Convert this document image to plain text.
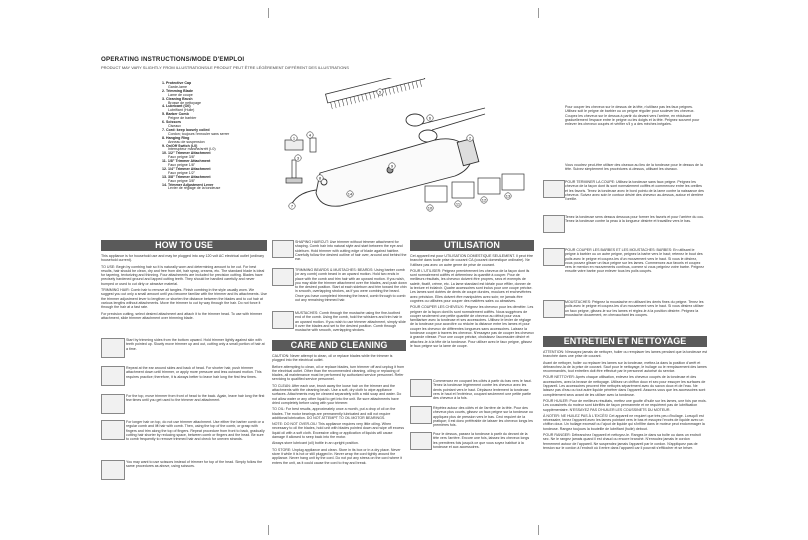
OPERATING INSTRUCTIONS/MODE D'EMPLOI
PRODUCT MAY VARY SLIGHTLY FROM ILLUSTRATIONS/LE PRODUIT PEUT ÊTRE LÉGÈREMENT DIFFÉRENT DES ILLUSTRATIONS
1. Protective Cap
Garde-lame
2. Trimming Blade
Lame de coupe
3. Cleaning Brush
Brosse de nettoyage
4. Lubricant (Oil)
Lubrifiant (Huile)
5. Barber Comb
Peigne de barbier
6. Scissors
Ciseaux
7. Cord: keep loosely coiled
Cordon; toujours l'enrouler sans serrer
8. Hanging Ring
Anneau de suspension
9. On/Off Switch (I-0)
Interrupteur marche/arrêt (I-0)
10. 1/2" Trimmer Attachment
Faux peigne 3/8"
11. 1/8" Trimmer Attachment
Faux peigne 1/8"
12. 1/4" Trimmer Attachment
Faux peigne 1/2"
13. 3/8" Trimmer Attachment
Faux peigne 3/8"
14. Trimmer Adjustment Lever
Levier de réglage de la tondeuse
1	2
3
4
5
6
7
8
9
10
11
12
13
14
HOW TO USE

This appliance is for household use and may be plugged into any 120 volt AC electrical outlet (ordinary household current).

TO USE: Begin by combing hair so it is naturally worn and determining amount to be cut. For best results, hair should be clean, dry and free from dirt, hair spray, creams, etc. The standard blade is ideal for tapering, texturizing and thinning. Four attachments are included for precision cutting. Blades have precisely hardened ground and lapped cutting teeth. They should be handled carefully and never bumped or used to cut dirty or abrasive material.

TRIMMING HAIR: Comb hair to remove all tangles. Finish combing in the style usually worn. We suggest you cut only a small amount until you become familiar with the trimmer and its attachments. Use the trimmer adjustment lever to lengthen or shorten the distance between the blades and to cut hair at various lengths without attachments. Move the trimmer to cut by way through the hair. Do not force it through the hair at a fast rate.

For precision cutting, select desired attachment and attach it to the trimmer head. To use with trimmer attachment, slide trimmer attachment over trimming blade.

Start by trimming sides from the bottom upward. Hold trimmer lightly against skin with teeth pointed up. Slowly move trimmer up and out, cutting only a small portion of hair at a time.
Repeat at the ear around sides and back of head. For shorter hair, push trimmer attachment down until trimmer, or apply more pressure and less outward motion. This requires practice; therefore, it is always better to leave hair long the first few times.
For the top, move trimmer from front of head to the back. Again, leave hair long the first few times until you get used to the trimmer and attachment.
For longer hair on top, do not use trimmer attachment. Use either the barber comb or a regular comb and lift hair with comb. Then, using the top of the comb, or grasp with fingers and trim along the top of fingers. Repeat procedure from front to back, gradually cutting hair shorter by reducing space, between comb or fingers and the head. Be sure to comb frequently to remove trimmed hair and check for uneven strands.
You may want to use scissors instead of trimmer for top of the head. Simply follow the same procedures as above, using scissors.
SHAPING HAIRCUT: Use trimmer without trimmer attachment for shaping. Comb hair into natural style and start between the eye and sideburn. Hold trimmer with cutting edge of blade against hairline. Carefully follow the desired outline of hair over, around and behind the ear.
TRIMMING BEARDS & MUSTACHES: BEARDS: Using barber comb (or any comb) comb beard in an upward motion. Hold two ends in place with the comb and trim hair with an upward motion. If you wish, you may slide the trimmer attachment over the blades, and push down to the desired position. Start at each sideburn and trim toward the chin in smooth, overlapping strokes, as if you were combing the beard. Once you have completed trimming the beard, comb through to comb out any remaining trimmed hair.
MUSTACHES: Comb through the mustache using the fine-toothed end of the comb. Using the comb, hold the whiskers and trim hair in an upward motion. If you wish to use trimmer attachment, simply slide it over the blades and set to the desired position. Comb through mustache with smooth, overlapping strokes.
CARE AND CLEANING

CAUTION: Never attempt to clean, oil or replace blades while the trimmer is plugged into the electrical outlet.

Before attempting to clean, oil or replace blades, turn trimmer off and unplug it from the electrical outlet. Other than the recommended cleaning, oiling or replacing of blades, all maintenance must be performed by authorized service personnel. Refer servicing to qualified service personnel.

TO CLEAN: After each use, brush away the loose hair on the trimmer and the attachments with the cleaning brush. Use a soft, dry cloth to wipe appliance surfaces. Attachments may be cleaned separately with a mild soap and water. Do not allow water or any other liquid to get into the unit. Be sure attachments have dried completely before using with your trimmer.

TO OIL: For best results, approximately once a month, put a drop of oil on the blades. The motor bearings are permanently lubricated and will not require additional lubrication. DO NOT ATTEMPT TO OIL MOTOR BEARINGS.

NOTE: DO NOT OVER-OIL! This appliance requires very little oiling. When necessary to oil the blades, hold unit with blades pointed down and wipe off excess liquid oil with a soft cloth. Excessive oiling or application of liquids will cause damage if allowed to seep back into the motor.

Always store lubricant (oil) bottle in an upright position.

TO STORE: Unplug appliance and clean. Store in its box or in a dry place. Never store it while it is hot or still plugged in. Never wrap the cord tightly around the appliance. Never hang unit by the cord. Do not put any stress on the cord where it enters the unit, as it could cause the cord to fray and break.

UTILISATION

Cet appareil est pour UTILISATION DOMESTIQUE SEULEMENT. Il peut être branché dans toute prise de courant CA (courant domestique ordinaire). Ne l'utilisez pas avec un autre genre de prise de courant.

POUR L'UTILISER: Peignez premièrement les cheveux de la façon dont ils sont normalement coiffés et déterminez la quantité à couper. Pour de meilleurs résultats, les cheveux doivent être propres, secs et exempts de saleté, fixatif, crème, etc. La lame standard est idéale pour effiler, donner de la texture et éclaircir. Quatre accessoires sont inclus pour une coupe précise. Les lames sont dotées de dents de coupe durcies, moulues et enchevêtrées avec précision. Elles doivent être manipulées avec soin; ne jamais être cognées ou utilisées pour couper des matières sales ou abrasives.

POUR COUPER LES CHEVEUX: Peignez les cheveux pour les démêler. Les peigner de la façon dont ils sont normalement coiffés. Nous suggérons de couper seulement une petite quantité de cheveux au début pour vous familiariser avec la tondeuse et ses accessoires. Utilisez le levier de réglage de la tondeuse pour accroître ou réduire la distance entre les lames et pour couper les cheveux de différentes longueurs sans accessoires. Laissez la tondeuse couper à travers les cheveux. N'essayez pas de couper les cheveux à grande vitesse. Pour une coupe précise, choisissez l'accessoire désiré et attachez-le à la tête de la tondeuse. Pour utiliser avec le faux peigne, glissez le faux peigne sur la lame de coupe.

Commencez en coupant les côtés à partir du bas vers le haut. Tenez la tondeuse légèrement contre les cheveux avec les dents pointant vers le haut. Déplacez lentement la tondeuse vers le haut et l'extérieur, coupant seulement une petite partie des cheveux à la fois.
Répétez autour des côtés et de l'arrière de la tête. Pour des cheveux plus courts, glissez un faux peigne sur la tondeuse ou appliquez plus de pression vers le bas. Ceci requiert de la pratique; il est donc préférable de laisser les cheveux longs les premières fois.
Pour le dessus, passez la tondeuse à partir du devant de la tête vers l'arrière. Encore une fois, laissez les cheveux longs les premières fois jusqu'à ce que vous soyez habitué à la tondeuse et aux accessoires.
Pour couper les cheveux sur le dessus de la tête, n'utilisez pas les faux peignes. Utilisez soit le peigne de barbier ou un peigne régulier pour soulever les cheveux. Coupez les cheveux sur le dessus à partir du devant vers l'arrière, en réduisant graduellement l'espace entre le peigne ou les doigts et la tête. Peignez souvent pour enlever les cheveux coupés et vérifier s'il y a des mèches inégales.
Vous voudrez peut-être utiliser des ciseaux au lieu de la tondeuse pour le dessus de la tête. Suivez simplement les procédures ci-dessus, utilisant les ciseaux.
POUR TERMINER LA COUPE: Utilisez la tondeuse sans faux peigne. Peignez les cheveux de la façon dont ils sont normalement coiffés et commencez entre les oreilles et les favoris. Tenez la tondeuse avec le bord pointu de la lame contre la naissance des cheveux. Suivez avec soin le contour désiré des cheveux au-dessus, autour et derrière l'oreille.
Tenez la tondeuse sens dessus dessous pour former les favoris et pour l'arrière du cou. Tenez la tondeuse contre la peau à la longueur désirée et travaillez vers le bas.
POUR COUPER LES BARBES ET LES MOUSTACHES: BARBES: En utilisant le peigne à barbier ou un autre peigne, peignez la barbe vers le haut; retenez le bout des poils avec le peigne et coupez-les d'un mouvement vers le haut. Si vous le désirez, vous pouvez glisser un faux peigne sur les lames. Commencez aux favoris et coupez vers le menton en mouvements continus, comme si vous peigniez votre barbe. Peignez ensuite votre barbe pour enlever tous les poils coupés.
MOUSTACHES: Peignez la moustache en utilisant les dents fines du peigne. Tenez les poils avec le peigne et coupez-les d'un mouvement vers le haut. Si vous désirez utiliser un faux peigne, glissez-le sur les lames et réglez-le à la position désirée. Peignez la moustache doucement, en chevauchant les coupes.
ENTRETIEN ET NETTOYAGE

ATTENTION: N'essayez jamais de nettoyer, huiler ou remplacer les lames pendant que la tondeuse est branchée dans une prise de courant.

Avant de nettoyer, huiler ou replacer les lames sur la tondeuse, mettez-la dans la position d'arrêt et débranchez-la de la prise de courant. Sauf pour le nettoyage, le huilage ou le remplacement des lames recommandés, tout entretien doit être effectué par le personnel autorisé du service.

POUR NETTOYER: Après chaque utilisation, enlevez les cheveux coupés de la tondeuse et des accessoires, avec la brosse de nettoyage. Utilisez un chiffon doux et sec pour essuyer les surfaces de l'appareil. Les accessoires peuvent être nettoyés séparément avec du savon doux et de l'eau. Ne laissez pas d'eau ou tout autre liquide pénétrer dans l'appareil. Assurez-vous que les accessoires sont complètement secs avant de les utiliser avec la tondeuse.

POUR HUILER: Pour de meilleurs résultats, mettez une goutte d'huile sur les lames, une fois par mois. Les coussinets du moteur sont lubrifiés de façon permanente et ne requièrent pas de lubrification supplémentaire. N'ESSAYEZ PAS D'HUILER LES COUSSINETS DU MOTEUR.

À NOTER: NE HUILEZ PAS À L'EXCÈS! Cet appareil ne requiert que très peu d'huilage. Lorsqu'il est nécessaire, tenez l'appareil avec les lames pointant vers le bas et essuyez l'excès de liquide avec un chiffon doux. Un huilage excessif ou l'ajout de liquide qui s'infiltre dans le moteur peut endommager la tondeuse. Rangez toujours la bouteille de lubrifiant (huile) debout.

POUR RANGER: Débranchez l'appareil et nettoyez-le. Rangez-le dans sa boîte ou dans un endroit sec. Ne le rangez jamais quand il est chaud ou encore branché. N'enroulez jamais le cordon fermement autour de l'appareil. Ne suspendez jamais l'appareil par le cordon. N'appliquez pas de tension sur le cordon à l'endroit où il entre dans l'appareil car il pourrait s'effilocher et se briser.
